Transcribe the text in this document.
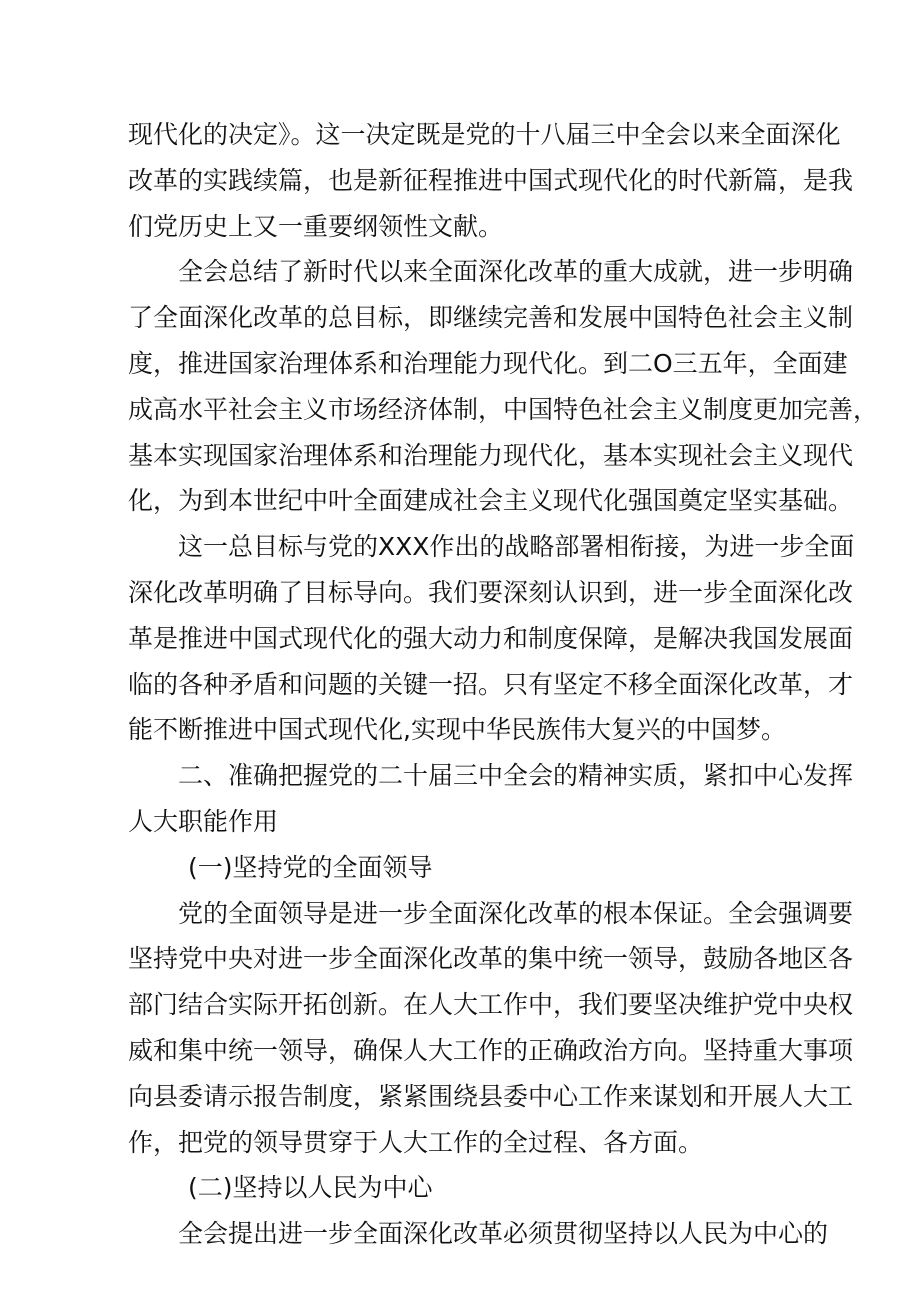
现代化的决定》。这一决定既是党的十八届三中全会以来全面深化
改革的实践续篇，也是新征程推进中国式现代化的时代新篇，是我
们党历史上又一重要纲领性文献。
全会总结了新时代以来全面深化改革的重大成就，进一步明确
了全面深化改革的总目标，即继续完善和发展中国特色社会主义制
度，推进国家治理体系和治理能力现代化。到二O三五年，全面建
成高水平社会主义市场经济体制，中国特色社会主义制度更加完善，
基本实现国家治理体系和治理能力现代化，基本实现社会主义现代
化，为到本世纪中叶全面建成社会主义现代化强国奠定坚实基础。
这一总目标与党的XXX作出的战略部署相衔接，为进一步全面
深化改革明确了目标导向。我们要深刻认识到，进一步全面深化改
革是推进中国式现代化的强大动力和制度保障，是解决我国发展面
临的各种矛盾和问题的关键一招。只有坚定不移全面深化改革，才
能不断推进中国式现代化,实现中华民族伟大复兴的中国梦。
二、准确把握党的二十届三中全会的精神实质，紧扣中心发挥
人大职能作用
(一)坚持党的全面领导
党的全面领导是进一步全面深化改革的根本保证。全会强调要
坚持党中央对进一步全面深化改革的集中统一领导，鼓励各地区各
部门结合实际开拓创新。在人大工作中，我们要坚决维护党中央权
威和集中统一领导，确保人大工作的正确政治方向。坚持重大事项
向县委请示报告制度，紧紧围绕县委中心工作来谋划和开展人大工
作，把党的领导贯穿于人大工作的全过程、各方面。
(二)坚持以人民为中心
全会提出进一步全面深化改革必须贯彻坚持以人民为中心的
